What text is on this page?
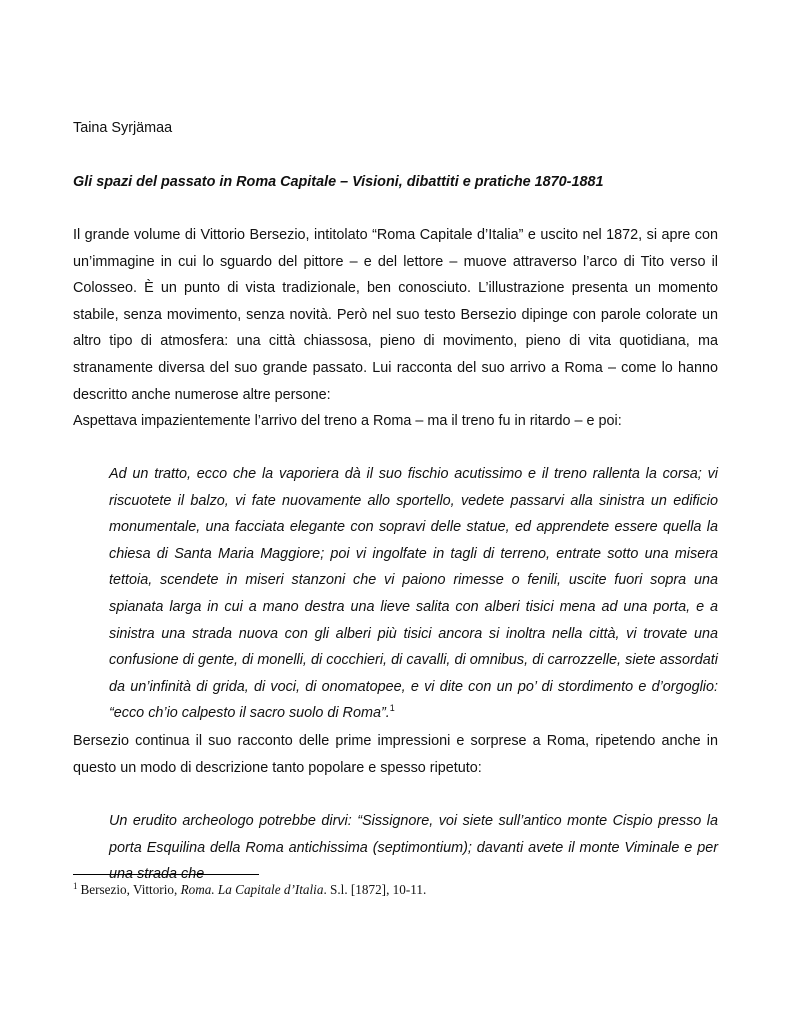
Taina Syrjämaa
Gli spazi del passato in Roma Capitale – Visioni, dibattiti e pratiche 1870-1881
Il grande volume di Vittorio Bersezio, intitolato “Roma Capitale d’Italia” e uscito nel 1872, si apre con un’immagine in cui lo sguardo del pittore – e del lettore – muove attraverso l’arco di Tito verso il Colosseo. È un punto di vista tradizionale, ben conosciuto. L’illustrazione presenta un momento stabile, senza movimento, senza novità. Però nel suo testo Bersezio dipinge con parole colorate un altro tipo di atmosfera: una città chiassosa, pieno di movimento, pieno di vita quotidiana, ma stranamente diversa del suo grande passato. Lui racconta del suo arrivo a Roma – come lo hanno descritto anche numerose altre persone:
Aspettava impazientemente l’arrivo del treno a Roma – ma il treno fu in ritardo – e poi:
Ad un tratto, ecco che la vaporiera dà il suo fischio acutissimo e il treno rallenta la corsa; vi riscuotete il balzo, vi fate nuovamente allo sportello, vedete passarvi alla sinistra un edificio monumentale, una facciata elegante con sopravi delle statue, ed apprendete essere quella la chiesa di Santa Maria Maggiore; poi vi ingolfate in tagli di terreno, entrate sotto una misera tettoia, scendete in miseri stanzoni che vi paiono rimesse o fenili, uscite fuori sopra una spianata larga in cui a mano destra una lieve salita con alberi tisici mena ad una porta, e a sinistra una strada nuova con gli alberi più tisici ancora si inoltra nella città, vi trovate una confusione di gente, di monelli, di cocchieri, di cavalli, di omnibus, di carrozzelle, siete assordati da un’infinità di grida, di voci, di onomatopee, e vi dite con un po’ di stordimento e d’orgoglio: “ecco ch’io calpesto il sacro suolo di Roma”.$^1$
Bersezio continua il suo racconto delle prime impressioni e sorprese a Roma, ripetendo anche in questo un modo di descrizione tanto popolare e spesso ripetuto:
Un erudito archeologo potrebbe dirvi: “Sissignore, voi siete sull’antico monte Cispio presso la porta Esquilina della Roma antichissima (septimontium); davanti avete il monte Viminale e per una strada che
$^1$ Bersezio, Vittorio, Roma. La Capitale d’Italia. S.l. [1872], 10-11.
